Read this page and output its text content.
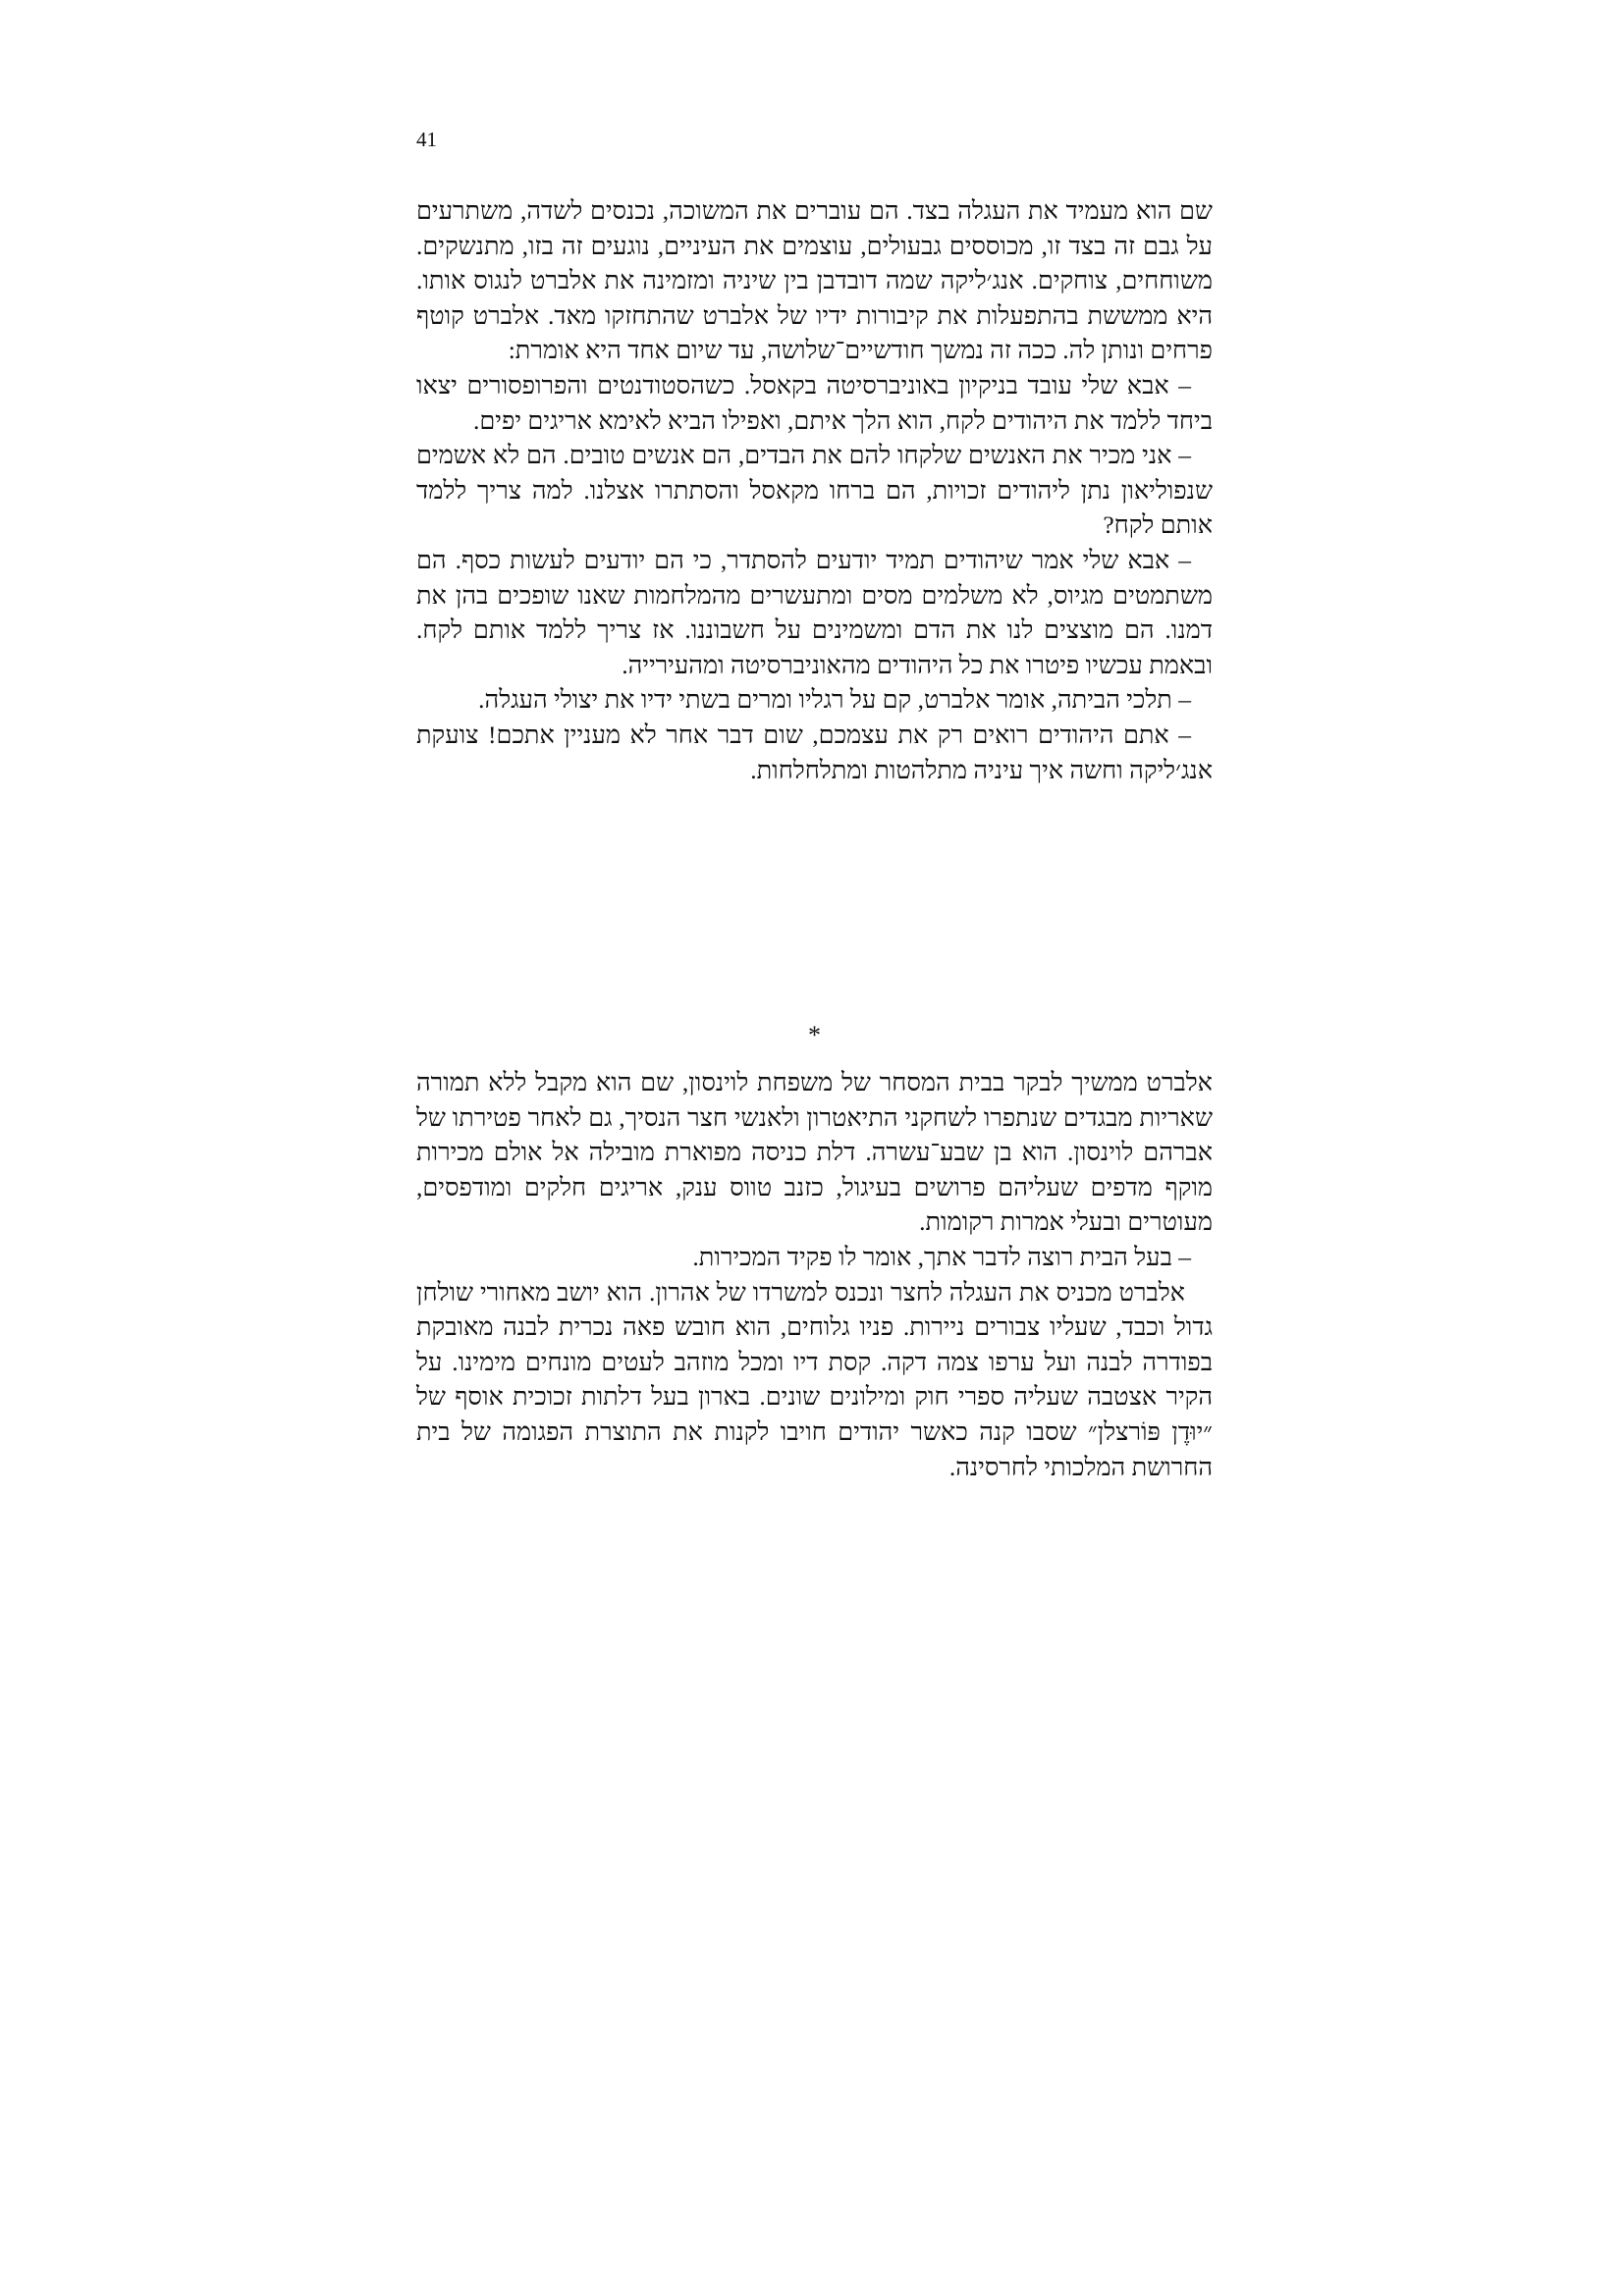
41

שם הוא מעמיד את העגלה בצד. הם עוברים את המשוכה, נכנסים לשדה, משתרעים על גבם זה בצד זו, מכוססים גבעולים, עוצמים את העיניים, נוגעים זה בזו, מתנשקים. משוחחים, צוחקים. אנג׳ליקה שמה דובדבן בין שיניה ומזמינה את אלברט לנגוס אותו. היא ממששת בהתפעלות את קיבורות ידיו של אלברט שהתחזקו מאד. אלברט קוטף פרחים ונותן לה. ככה זה נמשך חודשיים־שלושה, עד שיום אחד היא אומרת:

– אבא שלי עובד בניקיון באוניברסיטה בקאסל. כשהסטודנטים והפרופסורים יצאו ביחד ללמד את היהודים לקח, הוא הלך איתם, ואפילו הביא לאימא אריגים יפים.

– אני מכיר את האנשים שלקחו להם את הבדים, הם אנשים טובים. הם לא אשמים שנפוליאון נתן ליהודים זכויות, הם ברחו מקאסל והסתתרו אצלנו. למה צריך ללמד אותם לקח?

– אבא שלי אמר שיהודים תמיד יודעים להסתדר, כי הם יודעים לעשות כסף. הם משתמטים מגיוס, לא משלמים מסים ומתעשרים מהמלחמות שאנו שופכים בהן את דמנו. הם מוצצים לנו את הדם ומשמינים על חשבוננו. אז צריך ללמד אותם לקח. ובאמת עכשיו פיטרו את כל היהודים מהאוניברסיטה ומהעירייה.

– תלכי הביתה, אומר אלברט, קם על רגליו ומרים בשתי ידיו את יצולי העגלה.

– אתם היהודים רואים רק את עצמכם, שום דבר אחר לא מעניין אתכם! צועקת אנג׳ליקה וחשה איך עיניה מתלהטות ומתלחלחות.

*

אלברט ממשיך לבקר בבית המסחר של משפחת לוינסון, שם הוא מקבל ללא תמורה שאריות מבגדים שנתפרו לשחקני התיאטרון ולאנשי חצר הנסיך, גם לאחר פטירתו של אברהם לוינסון. הוא בן שבע־עשרה. דלת כניסה מפוארת מובילה אל אולם מכירות מוקף מדפים שעליהם פרושים בעיגול, כזנב טווס ענק, אריגים חלקים ומודפסים, מעוטרים ובעלי אמרות רקומות.

– בעל הבית רוצה לדבר אתך, אומר לו פקיד המכירות.

אלברט מכניס את העגלה לחצר ונכנס למשרדו של אהרון. הוא יושב מאחורי שולחן גדול וכבד, שעליו צבורים ניירות. פניו גלוחים, הוא חובש פאה נכרית לבנה מאובקת בפודרה לבנה ועל ערפו צמה דקה. קסת דיו ומכל מוזהב לעטים מונחים מימינו. על הקיר אצטבה שעליה ספרי חוק ומילונים שונים. בארון בעל דלתות זכוכית אוסף של ״יוּדֶן פּוֹרצלן״ שסבו קנה כאשר יהודים חויבו לקנות את התוצרת הפגומה של בית החרושת המלכותי לחרסינה.
